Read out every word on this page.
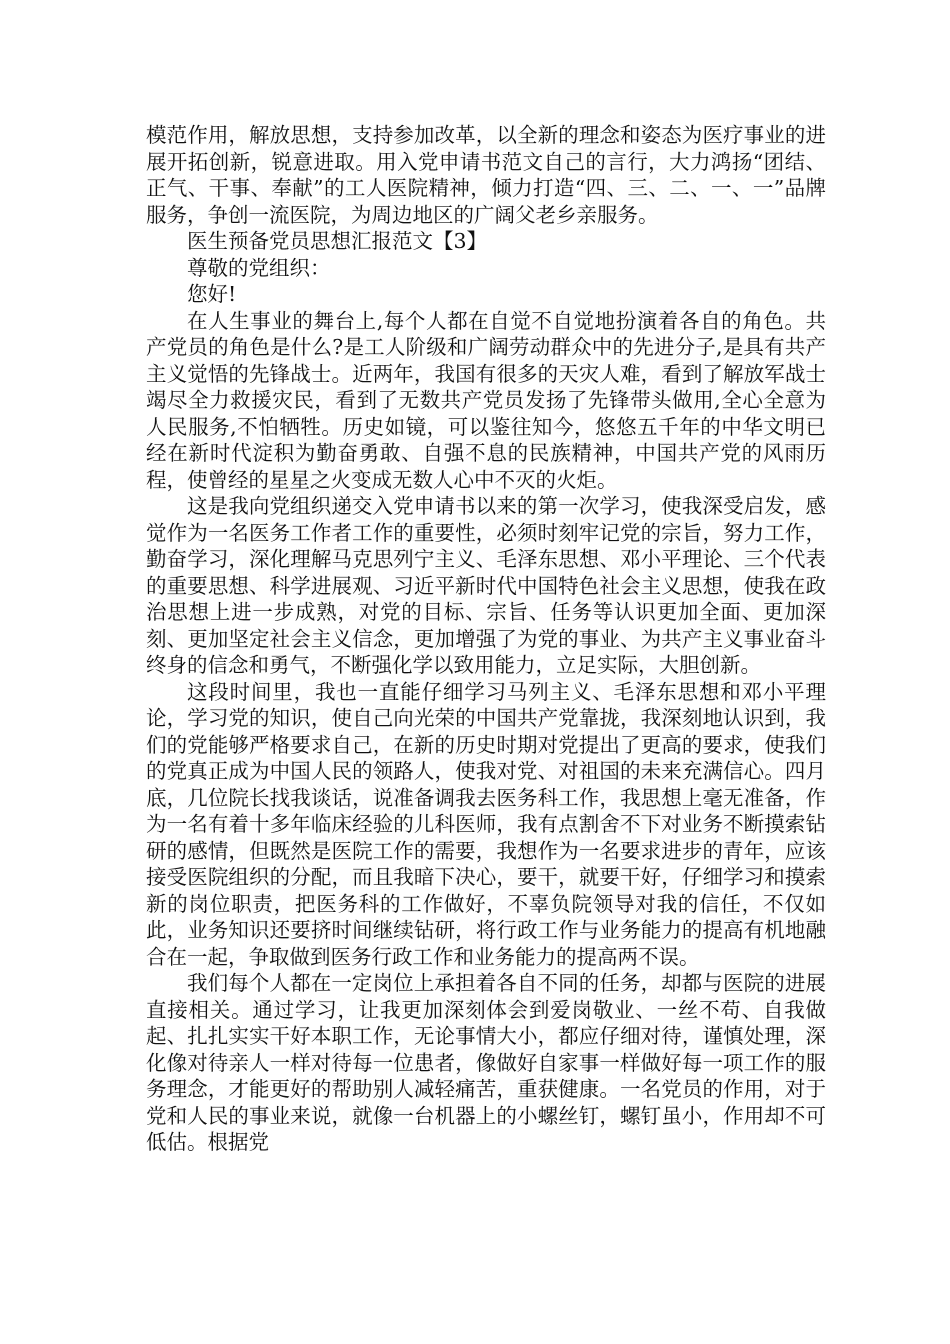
模范作用，解放思想，支持参加改革，以全新的理念和姿态为医疗事业的进展开拓创新，锐意进取。用入党申请书范文自己的言行，大力鸿扬“团结、正气、干事、奉献”的工人医院精神，倾力打造“四、三、二、一、一”品牌服务，争创一流医院，为周边地区的广阔父老乡亲服务。

医生预备党员思想汇报范文【3】

尊敬的党组织：

您好!

在人生事业的舞台上,每个人都在自觉不自觉地扮演着各自的角色。共产党员的角色是什么?是工人阶级和广阔劳动群众中的先进分子,是具有共产主义觉悟的先锋战士。近两年，我国有很多的天灾人难，看到了解放军战士竭尽全力救援灾民，看到了无数共产党员发扬了先锋带头做用,全心全意为人民服务,不怕牺牲。历史如镜，可以鉴往知今，悠悠五千年的中华文明已经在新时代淀积为勤奋勇敢、自强不息的民族精神，中国共产党的风雨历程，使曾经的星星之火变成无数人心中不灭的火炬。

这是我向党组织递交入党申请书以来的第一次学习，使我深受启发，感觉作为一名医务工作者工作的重要性，必须时刻牢记党的宗旨，努力工作，勤奋学习，深化理解马克思列宁主义、毛泽东思想、邓小平理论、三个代表的重要思想、科学进展观、习近平新时代中国特色社会主义思想，使我在政治思想上进一步成熟，对党的目标、宗旨、任务等认识更加全面、更加深刻、更加坚定社会主义信念，更加增强了为党的事业、为共产主义事业奋斗终身的信念和勇气，不断强化学以致用能力，立足实际，大胆创新。

这段时间里，我也一直能仔细学习马列主义、毛泽东思想和邓小平理论，学习党的知识，使自己向光荣的中国共产党靠拢，我深刻地认识到，我们的党能够严格要求自己，在新的历史时期对党提出了更高的要求，使我们的党真正成为中国人民的领路人，使我对党、对祖国的未来充满信心。四月底，几位院长找我谈话，说准备调我去医务科工作，我思想上毫无准备，作为一名有着十多年临床经验的儿科医师，我有点割舍不下对业务不断摸索钻研的感情，但既然是医院工作的需要，我想作为一名要求进步的青年，应该接受医院组织的分配，而且我暗下决心，要干，就要干好，仔细学习和摸索新的岗位职责，把医务科的工作做好，不辜负院领导对我的信任，不仅如此，业务知识还要挤时间继续钻研，将行政工作与业务能力的提高有机地融合在一起，争取做到医务行政工作和业务能力的提高两不误。

我们每个人都在一定岗位上承担着各自不同的任务，却都与医院的进展直接相关。通过学习，让我更加深刻体会到爱岗敬业、一丝不苟、自我做起、扎扎实实干好本职工作，无论事情大小，都应仔细对待，谨慎处理，深化像对待亲人一样对待每一位患者，像做好自家事一样做好每一项工作的服务理念，才能更好的帮助别人减轻痛苦，重获健康。一名党员的作用，对于党和人民的事业来说，就像一台机器上的小螺丝钉，螺钉虽小，作用却不可低估。根据党
